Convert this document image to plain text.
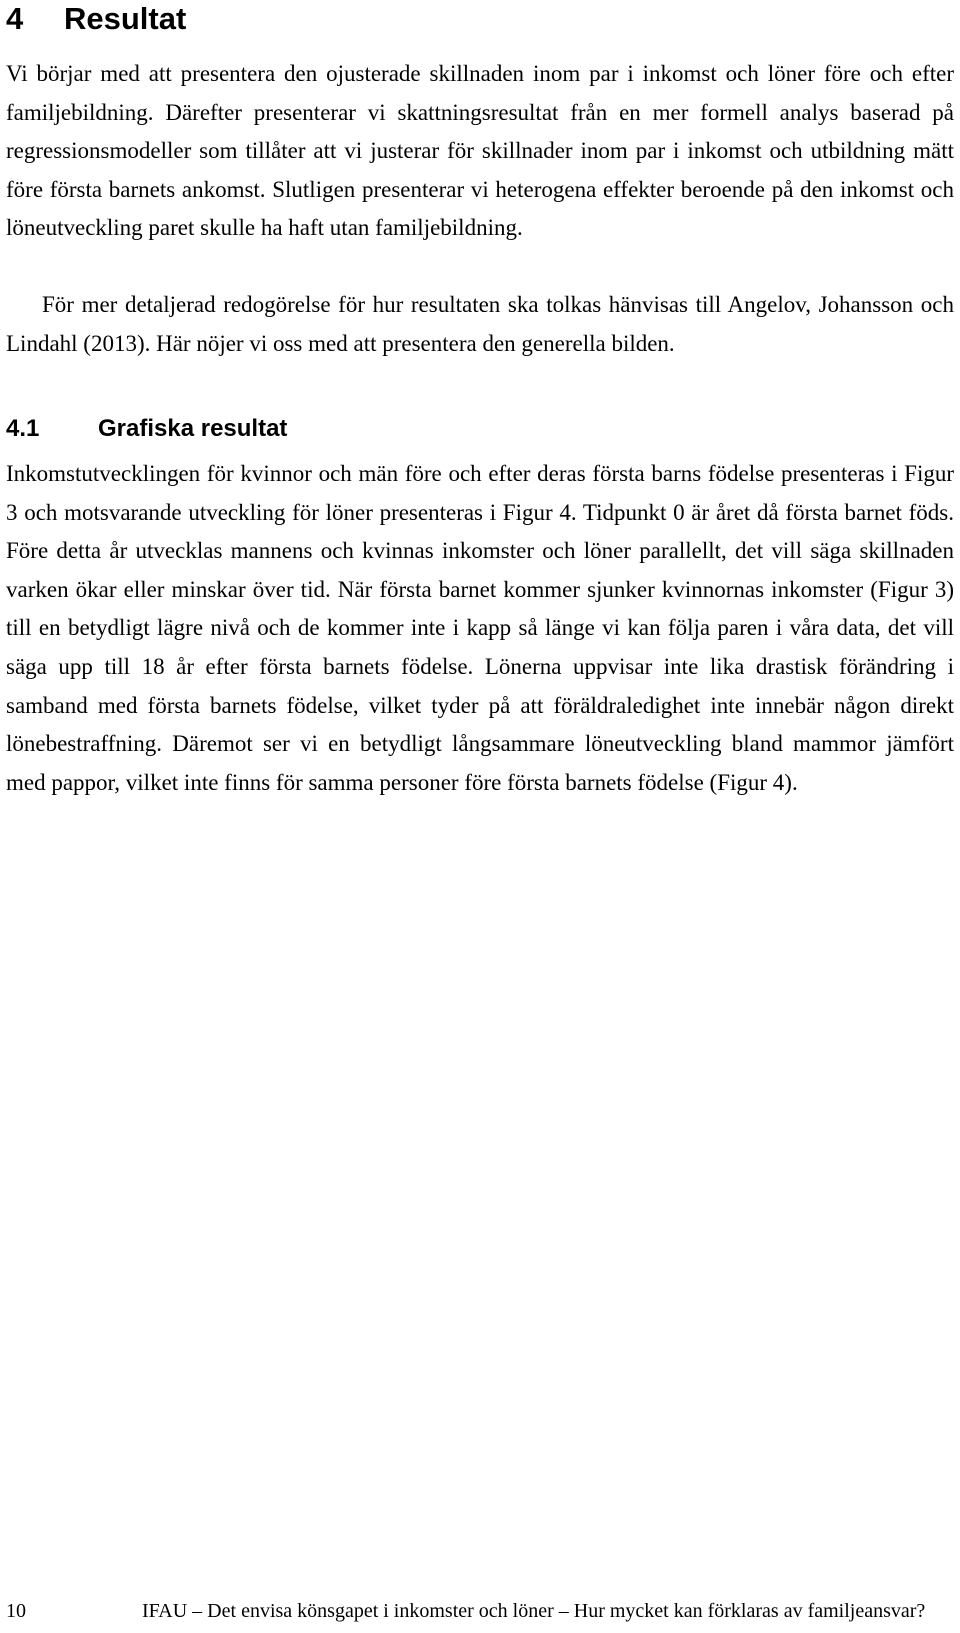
4 Resultat

Vi börjar med att presentera den ojusterade skillnaden inom par i inkomst och löner före och efter familjebildning. Därefter presenterar vi skattningsresultat från en mer formell analys baserad på regressionsmodeller som tillåter att vi justerar för skillnader inom par i inkomst och utbildning mätt före första barnets ankomst. Slutligen presenterar vi heterogena effekter beroende på den inkomst och löneutveckling paret skulle ha haft utan familjebildning.

För mer detaljerad redogörelse för hur resultaten ska tolkas hänvisas till Angelov, Johansson och Lindahl (2013). Här nöjer vi oss med att presentera den generella bilden.

4.1 Grafiska resultat

Inkomstutvecklingen för kvinnor och män före och efter deras första barns födelse presenteras i Figur 3 och motsvarande utveckling för löner presenteras i Figur 4. Tidpunkt 0 är året då första barnet föds. Före detta år utvecklas mannens och kvinnas inkomster och löner parallellt, det vill säga skillnaden varken ökar eller minskar över tid. När första barnet kommer sjunker kvinnornas inkomster (Figur 3) till en betydligt lägre nivå och de kommer inte i kapp så länge vi kan följa paren i våra data, det vill säga upp till 18 år efter första barnets födelse. Lönerna uppvisar inte lika drastisk förändring i samband med första barnets födelse, vilket tyder på att föräldraledighet inte innebär någon direkt lönebestraffning. Däremot ser vi en betydligt långsammare löneutveckling bland mammor jämfört med pappor, vilket inte finns för samma personer före första barnets födelse (Figur 4).

10	IFAU – Det envisa könsgapet i inkomster och löner – Hur mycket kan förklaras av familjeansvar?
